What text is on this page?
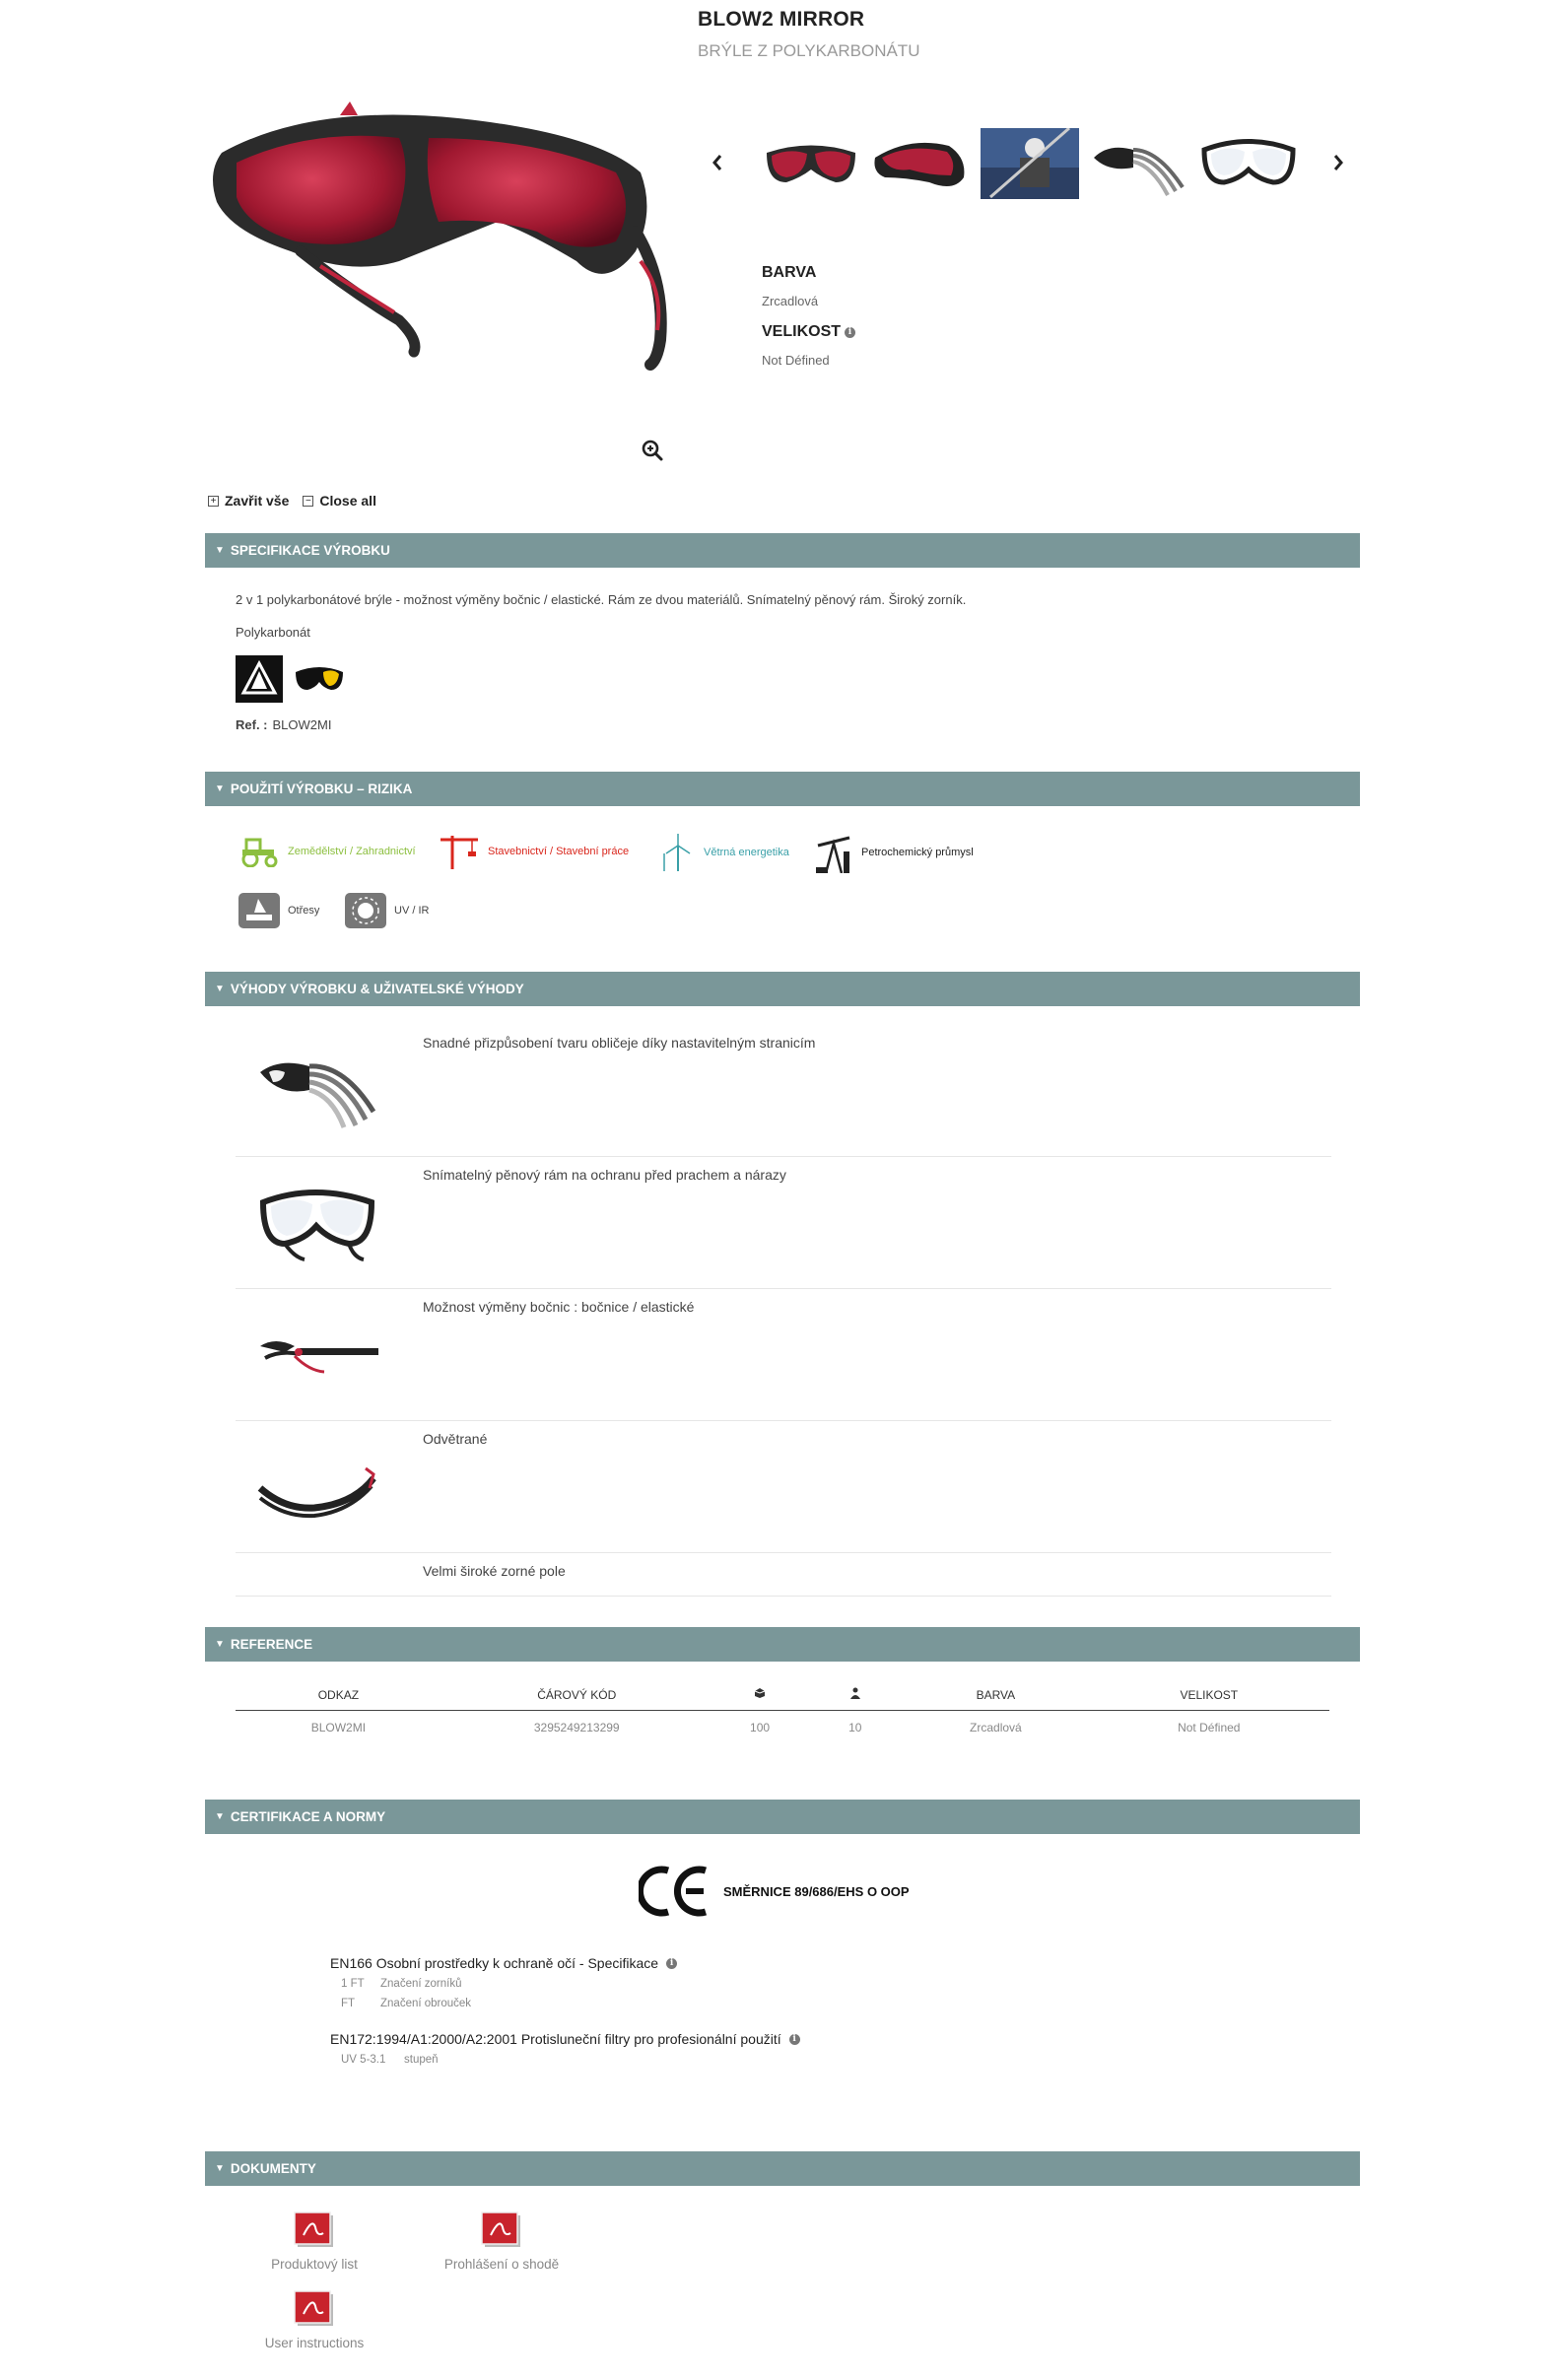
BLOW2 MIRROR
BRÝLE Z POLYKARBONÁTU
BARVA
Zrcadlová
VELIKOST i
Not Défined
+ Zavřit vše − Close all
▼ SPECIFIKACE VÝROBKU
2 v 1 polykarbonátové brýle - možnost výměny bočnic / elastické. Rám ze dvou materiálů. Snímatelný pěnový rám. Široký zorník.
Polykarbonát
Ref. : BLOW2MI
▼ POUŽITÍ VÝROBKU – RIZIKA
Zemědělství / Zahradnictví	Stavebnictví / Stavební práce	Větrná energetika	Petrochemický průmysl
Otřesy	UV / IR
▼ VÝHODY VÝROBKU & UŽIVATELSKÉ VÝHODY
Snadné přizpůsobení tvaru obličeje díky nastavitelným stranicím
Snímatelný pěnový rám na ochranu před prachem a nárazy
Možnost výměny bočnic : bočnice / elastické
Odvětrané
Velmi široké zorné pole
▼ REFERENCE
ODKAZ	ČÁROVÝ KÓD			BARVA	VELIKOST
BLOW2MI	3295249213299	100	10	Zrcadlová	Not Défined
▼ CERTIFIKACE A NORMY
SMĚRNICE 89/686/EHS O OOP
EN166 Osobní prostředky k ochraně očí - Specifikace	i
1 FT Značení zorníků
FT Značení obrouček
EN172:1994/A1:2000/A2:2001 Protisluneční filtry pro profesionální použití	i
UV 5-3.1 stupeň
▼ DOKUMENTY
Produktový list	Prohlášení o shodě
User instructions
